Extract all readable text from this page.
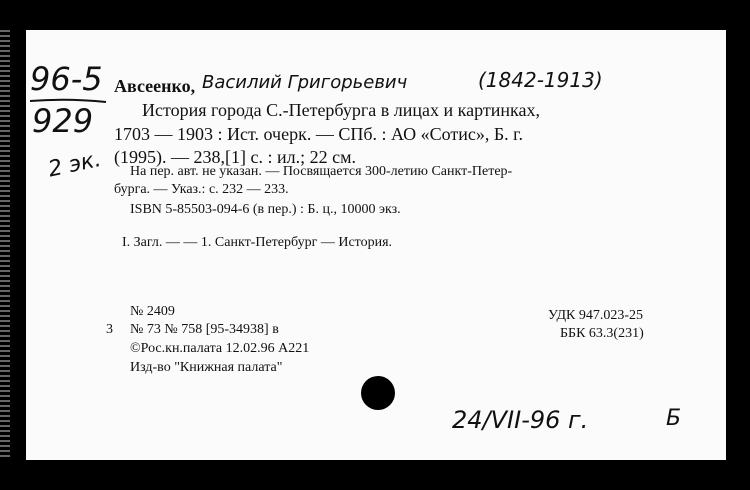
96-5
929
2 эк.
Авсеенко, Василий Григорьевич	(1842-1913)
История города С.-Петербурга в лицах и картинках,
1703 — 1903 : Ист. очерк. — СПб. : АО «Сотис», Б. г.
(1995). — 238,[1] с. : ил.; 22 см.
На пер. авт. не указан. — Посвящается 300-летию Санкт-Петер-
бурга. — Указ.: с. 232 — 233.
ISBN 5-85503-094-6 (в пер.) : Б. ц., 10000 экз.
I. Загл. — — 1. Санкт-Петербург — История.
№ 2409
3 № 73 № 758 [95-34938] в
©Рос.кн.палата 12.02.96 А221
Изд-во "Книжная палата"
УДК 947.023-25
ББК 63.3(231)
24/VII-96 г.	Б
